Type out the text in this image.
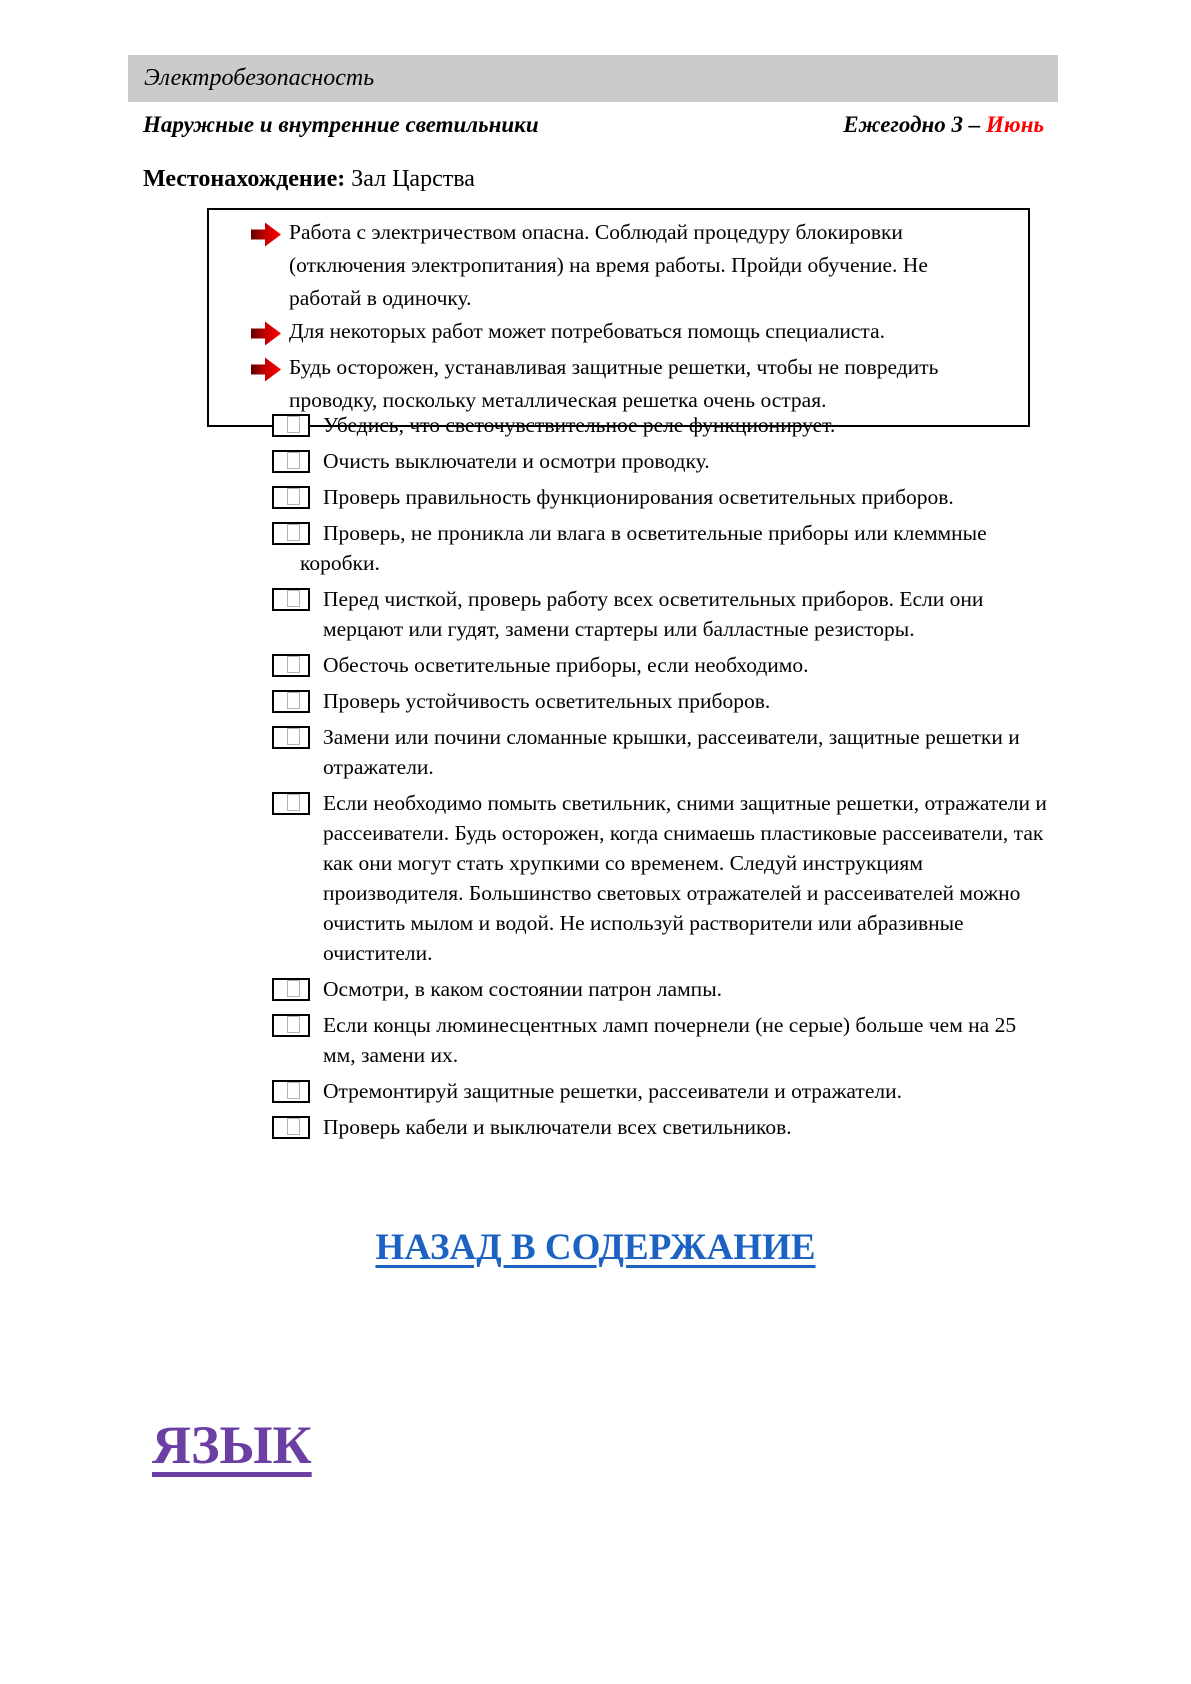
Электробезопасность
Наружные и внутренние светильники	Ежегодно 3 – Июнь
Местонахождение: Зал Царства
Работа с электричеством опасна. Соблюдай процедуру блокировки (отключения электропитания) на время работы. Пройди обучение. Не работай в одиночку.
Для некоторых работ может потребоваться помощь специалиста.
Будь осторожен, устанавливая защитные решетки, чтобы не повредить проводку, поскольку металлическая решетка очень острая.
Убедись, что светочувствительное реле функционирует.
Очисть выключатели и осмотри проводку.
Проверь правильность функционирования осветительных приборов.
Проверь, не проникла ли влага в осветительные приборы или клеммные коробки.
Перед чисткой, проверь работу всех осветительных приборов. Если они мерцают или гудят, замени стартеры или балластные резисторы.
Обесточь осветительные приборы, если необходимо.
Проверь устойчивость осветительных приборов.
Замени или почини сломанные крышки, рассеиватели, защитные решетки и отражатели.
Если необходимо помыть светильник, сними защитные решетки, отражатели и рассеиватели. Будь осторожен, когда снимаешь пластиковые рассеиватели, так как они могут стать хрупкими со временем. Следуй инструкциям производителя. Большинство световых отражателей и рассеивателей можно очистить мылом и водой. Не используй растворители или абразивные очистители.
Осмотри, в каком состоянии патрон лампы.
Если концы люминесцентных ламп почернели (не серые) больше чем на 25 мм, замени их.
Отремонтируй защитные решетки, рассеиватели и отражатели.
Проверь кабели и выключатели всех светильников.
НАЗАД В СОДЕРЖАНИЕ
ЯЗЫК
